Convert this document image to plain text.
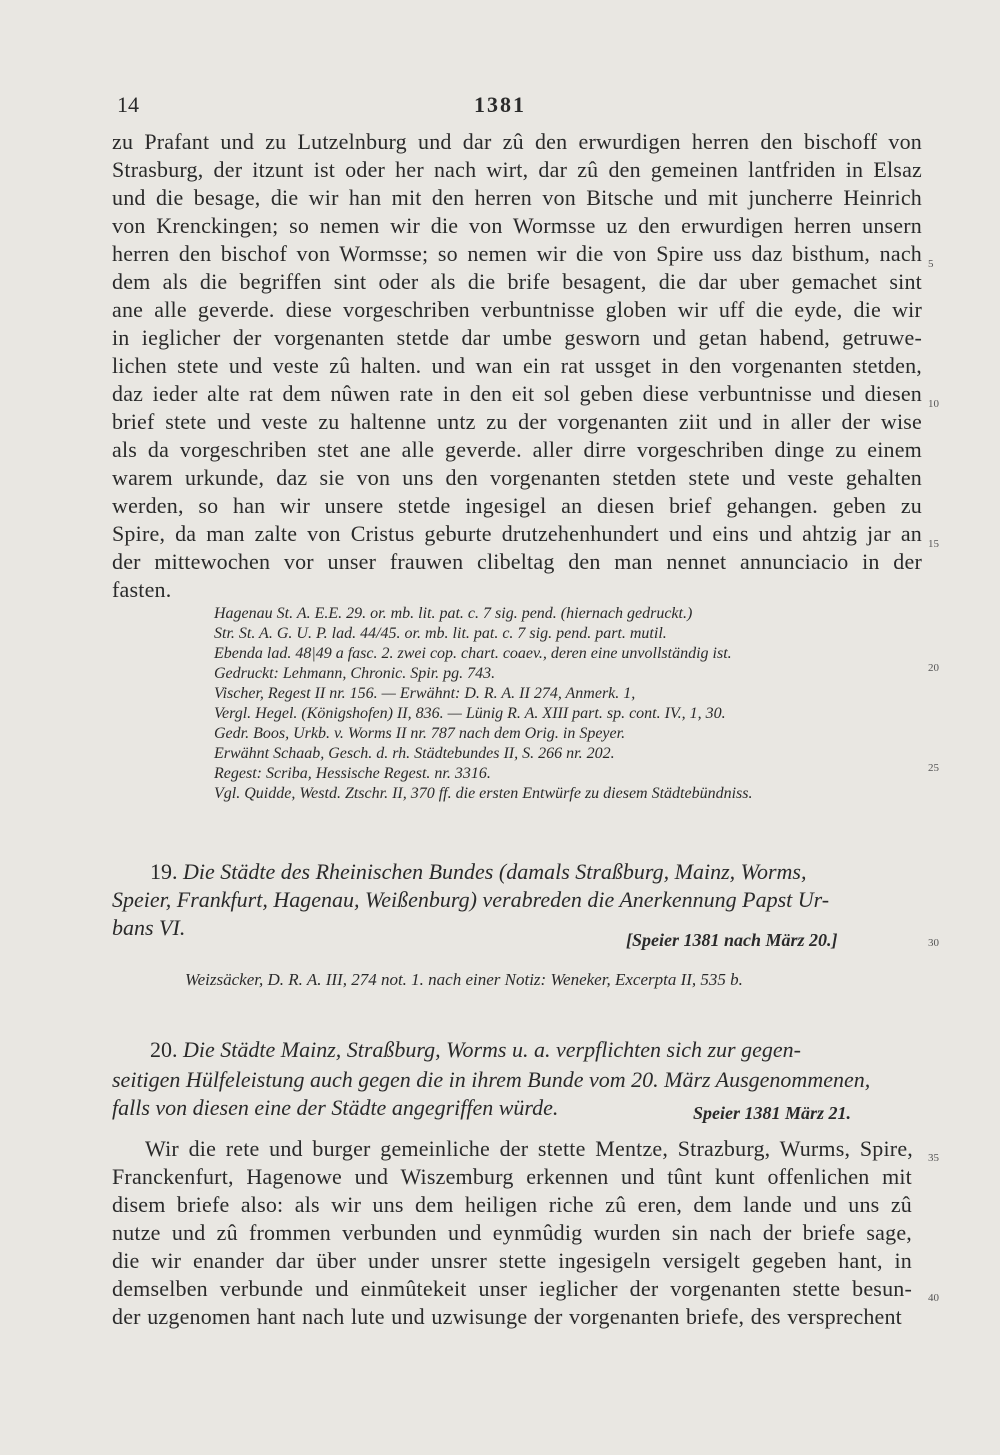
14	1381
zu Prafant und zu Lutzelnburg und dar zû den erwurdigen herren den bischoff von
Strasburg, der itzunt ist oder her nach wirt, dar zû den gemeinen lantfriden in Elsaz
und die besage, die wir han mit den herren von Bitsche und mit juncherre Heinrich
von Krenckingen; so nemen wir die von Wormsse uz den erwurdigen herren unsern
herren den bischof von Wormsse; so nemen wir die von Spire uss daz bisthum, nach
dem als die begriffen sint oder als die brife besagent, die dar uber gemachet sint
ane alle geverde. diese vorgeschriben verbuntnisse globen wir uff die eyde, die wir
in ieglicher der vorgenanten stetde dar umbe gesworn und getan habend, getruwe-
lichen stete und veste zû halten. und wan ein rat ussget in den vorgenanten stetden,
daz ieder alte rat dem nûwen rate in den eit sol geben diese verbuntnisse und diesen
brief stete und veste zu haltenne untz zu der vorgenanten ziit und in aller der wise
als da vorgeschriben stet ane alle geverde. aller dirre vorgeschriben dinge zu einem
warem urkunde, daz sie von uns den vorgenanten stetden stete und veste gehalten
werden, so han wir unsere stetde ingesigel an diesen brief gehangen. geben zu
Spire, da man zalte von Cristus geburte drutzehenhundert und eins und ahtzig jar an
der mittewochen vor unser frauwen clibeltag den man nennet annunciacio in der
fasten.
Hagenau St. A. E.E. 29. or. mb. lit. pat. c. 7 sig. pend. (hiernach gedruckt.)
Str. St. A. G. U. P. lad. 44/45. or. mb. lit. pat. c. 7 sig. pend. part. mutil.
Ebenda lad. 48|49 a fasc. 2. zwei cop. chart. coaev., deren eine unvollständig ist.
Gedruckt: Lehmann, Chronic. Spir. pg. 743.
Vischer, Regest II nr. 156. — Erwähnt: D. R. A. II 274, Anmerk. 1,
Vergl. Hegel. (Königshofen) II, 836. — Lünig R. A. XIII part. sp. cont. IV., 1, 30.
Gedr. Boos, Urkb. v. Worms II nr. 787 nach dem Orig. in Speyer.
Erwähnt Schaab, Gesch. d. rh. Städtebundes II, S. 266 nr. 202.
Regest: Scriba, Hessische Regest. nr. 3316.
Vgl. Quidde, Westd. Ztschr. II, 370 ff. die ersten Entwürfe zu diesem Städtebündniss.
5
10
15
20
25
30
35
40
19. Die Städte des Rheinischen Bundes (damals Straßburg, Mainz, Worms,
Speier, Frankfurt, Hagenau, Weißenburg) verabreden die Anerkennung Papst Ur-
bans VI.	[Speier 1381 nach März 20.]
Weizsäcker, D. R. A. III, 274 not. 1. nach einer Notiz: Weneker, Excerpta II, 535 b.
20. Die Städte Mainz, Straßburg, Worms u. a. verpflichten sich zur gegen-
seitigen Hülfeleistung auch gegen die in ihrem Bunde vom 20. März Ausgenommenen,
falls von diesen eine der Städte angegriffen würde.	Speier 1381 März 21.
Wir die rete und burger gemeinliche der stette Mentze, Strazburg, Wurms, Spire,
Franckenfurt, Hagenowe und Wiszemburg erkennen und tûnt kunt offenlichen mit
disem briefe also: als wir uns dem heiligen riche zû eren, dem lande und uns zû
nutze und zû frommen verbunden und eynmûdig wurden sin nach der briefe sage,
die wir enander dar über under unsrer stette ingesigeln versigelt gegeben hant, in
demselben verbunde und einmûtekeit unser ieglicher der vorgenanten stette besun-
der uzgenomen hant nach lute und uzwisunge der vorgenanten briefe, des versprechent
